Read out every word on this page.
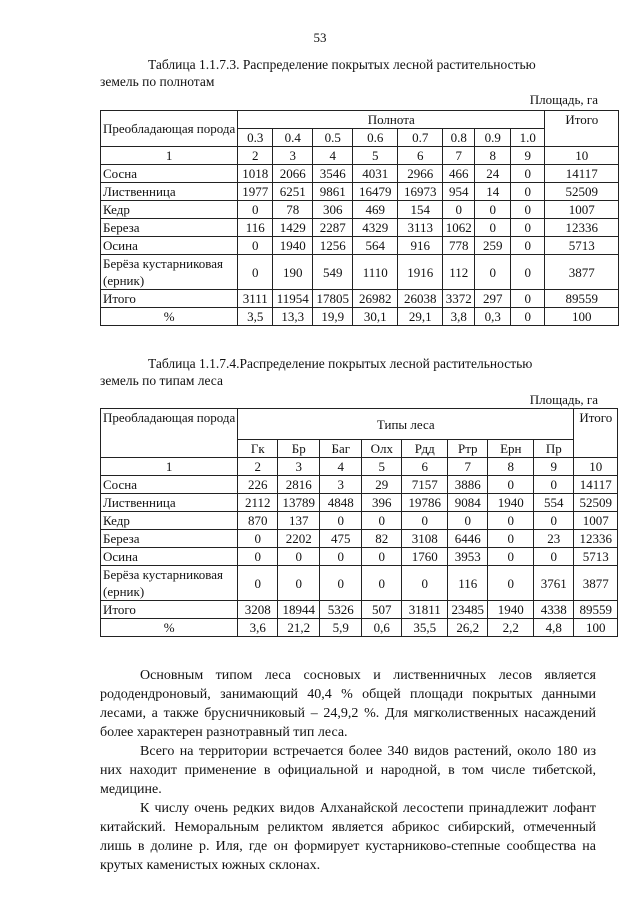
53
Таблица 1.1.7.3. Распределение покрытых лесной растительностью
земель по полнотам
Площадь, га
Преобладающая порода	Полнота								Итого
	0.3	0.4	0.5	0.6	0.7	0.8	0.9	1.0	
1	2	3	4	5	6	7	8	9	10
Сосна	1018	2066	3546	4031	2966	466	24	0	14117
Лиственница	1977	6251	9861	16479	16973	954	14	0	52509
Кедр	0	78	306	469	154	0	0	0	1007
Береза	116	1429	2287	4329	3113	1062	0	0	12336
Осина	0	1940	1256	564	916	778	259	0	5713
Берёза кустарниковая (ерник)	0	190	549	1110	1916	112	0	0	3877
Итого	3111	11954	17805	26982	26038	3372	297	0	89559
%	3,5	13,3	19,9	30,1	29,1	3,8	0,3	0	100
Таблица 1.1.7.4.Распределение покрытых лесной растительностью
земель по типам леса
Площадь, га
Преобладающая порода	Типы леса								Итого
	Гк	Бр	Баг	Олх	Рдд	Ртр	Ерн	Пр	
1	2	3	4	5	6	7	8	9	10
Сосна	226	2816	3	29	7157	3886	0	0	14117
Лиственница	2112	13789	4848	396	19786	9084	1940	554	52509
Кедр	870	137	0	0	0	0	0	0	1007
Береза	0	2202	475	82	3108	6446	0	23	12336
Осина	0	0	0	0	1760	3953	0	0	5713
Берёза кустарниковая (ерник)	0	0	0	0	0	116	0	3761	3877
Итого	3208	18944	5326	507	31811	23485	1940	4338	89559
%	3,6	21,2	5,9	0,6	35,5	26,2	2,2	4,8	100

Основным типом леса сосновых и лиственничных лесов является рододендроновый, занимающий 40,4 % общей площади покрытых данными лесами, а также брусничниковый – 24,9,2 %. Для мягколиственных насаждений более характерен разнотравный тип леса.

Всего на территории встречается более 340 видов растений, около 180 из них находит применение в официальной и народной, в том числе тибетской, медицине.

К числу очень редких видов Алханайской лесостепи принадлежит лофант китайский. Неморальным реликтом является абрикос сибирский, отмеченный лишь в долине р. Иля, где он формирует кустарниково-степные сообщества на крутых каменистых южных склонах.
